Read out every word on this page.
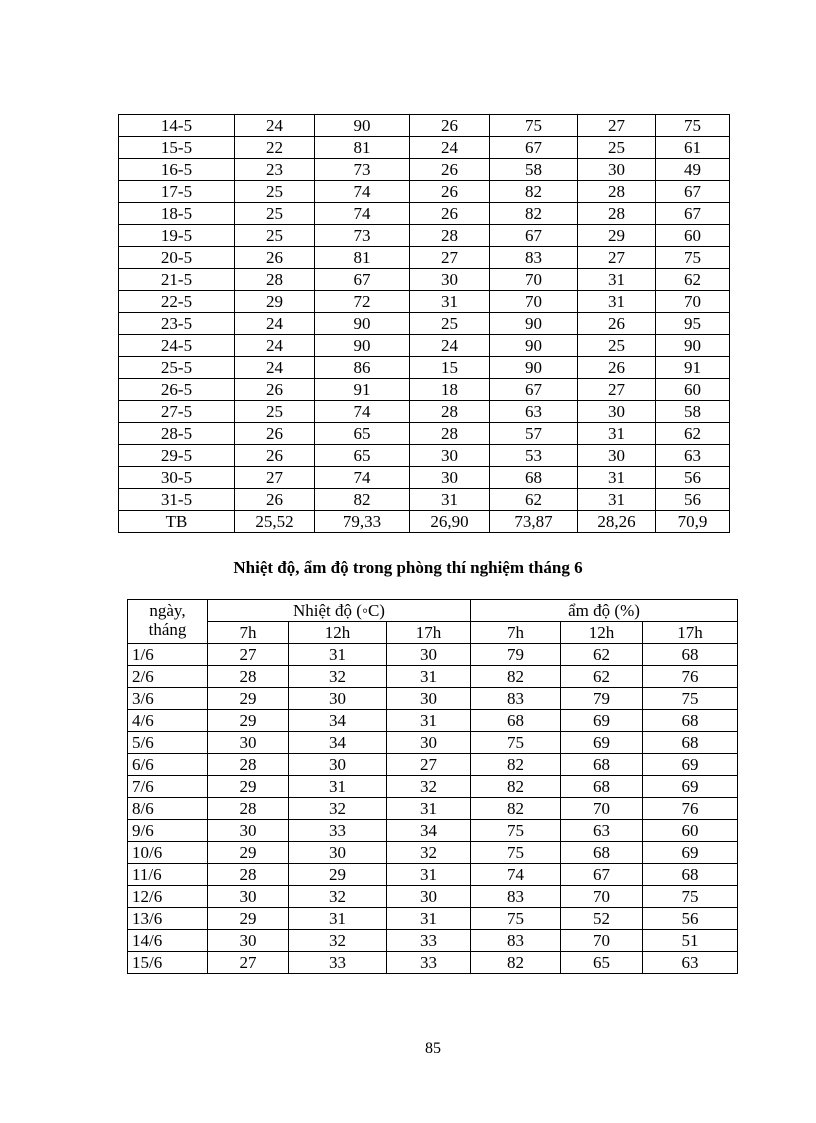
14-5	24	90	26	75	27	75
15-5	22	81	24	67	25	61
16-5	23	73	26	58	30	49
17-5	25	74	26	82	28	67
18-5	25	74	26	82	28	67
19-5	25	73	28	67	29	60
20-5	26	81	27	83	27	75
21-5	28	67	30	70	31	62
22-5	29	72	31	70	31	70
23-5	24	90	25	90	26	95
24-5	24	90	24	90	25	90
25-5	24	86	15	90	26	91
26-5	26	91	18	67	27	60
27-5	25	74	28	63	30	58
28-5	26	65	28	57	31	62
29-5	26	65	30	53	30	63
30-5	27	74	30	68	31	56
31-5	26	82	31	62	31	56
TB	25,52	79,33	26,90	73,87	28,26	70,9
Nhiệt độ, ẩm độ trong phòng thí nghiệm tháng 6
ngày,
tháng	Nhiệt độ (◦C)			ẩm độ (%)		
	7h	12h	17h	7h	12h	17h
1/6	27	31	30	79	62	68
2/6	28	32	31	82	62	76
3/6	29	30	30	83	79	75
4/6	29	34	31	68	69	68
5/6	30	34	30	75	69	68
6/6	28	30	27	82	68	69
7/6	29	31	32	82	68	69
8/6	28	32	31	82	70	76
9/6	30	33	34	75	63	60
10/6	29	30	32	75	68	69
11/6	28	29	31	74	67	68
12/6	30	32	30	83	70	75
13/6	29	31	31	75	52	56
14/6	30	32	33	83	70	51
15/6	27	33	33	82	65	63
85
